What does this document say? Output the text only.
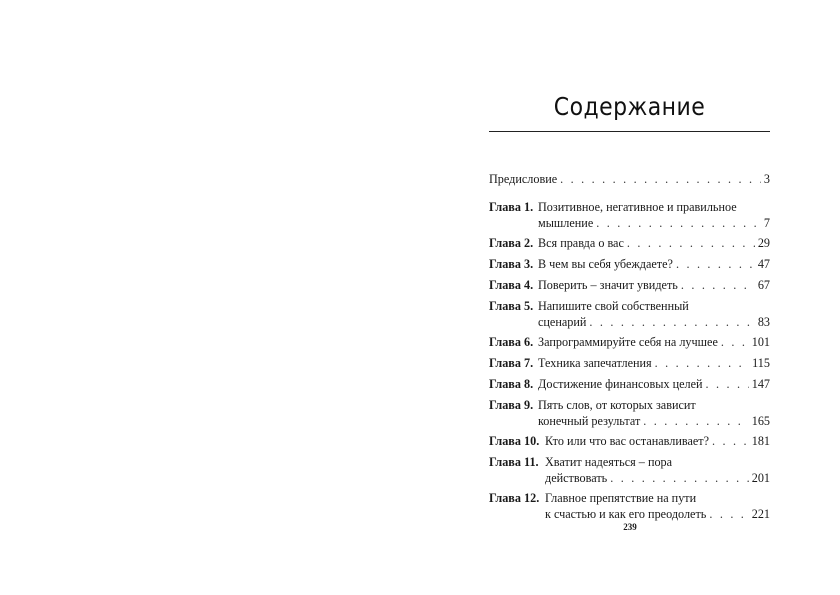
Содержание
Предисловие . . .	3
Глава 1. Позитивное, негативное и правильное
мышление . . .	7
Глава 2. Вся правда о вас . . .	29
Глава 3. В чем вы себя убеждаете? . . .	47
Глава 4. Поверить – значит увидеть . . .	67
Глава 5. Напишите свой собственный
сценарий . . .	83
Глава 6. Запрограммируйте себя на лучшее . . .	101
Глава 7. Техника запечатления . . .	115
Глава 8. Достижение финансовых целей . . .	147
Глава 9. Пять слов, от которых зависит
конечный результат . . .	165
Глава 10. Кто или что вас останавливает? . . .	181
Глава 11. Хватит надеяться – пора
действовать . . .	201
Глава 12. Главное препятствие на пути
к счастью и как его преодолеть . . .	221
239
